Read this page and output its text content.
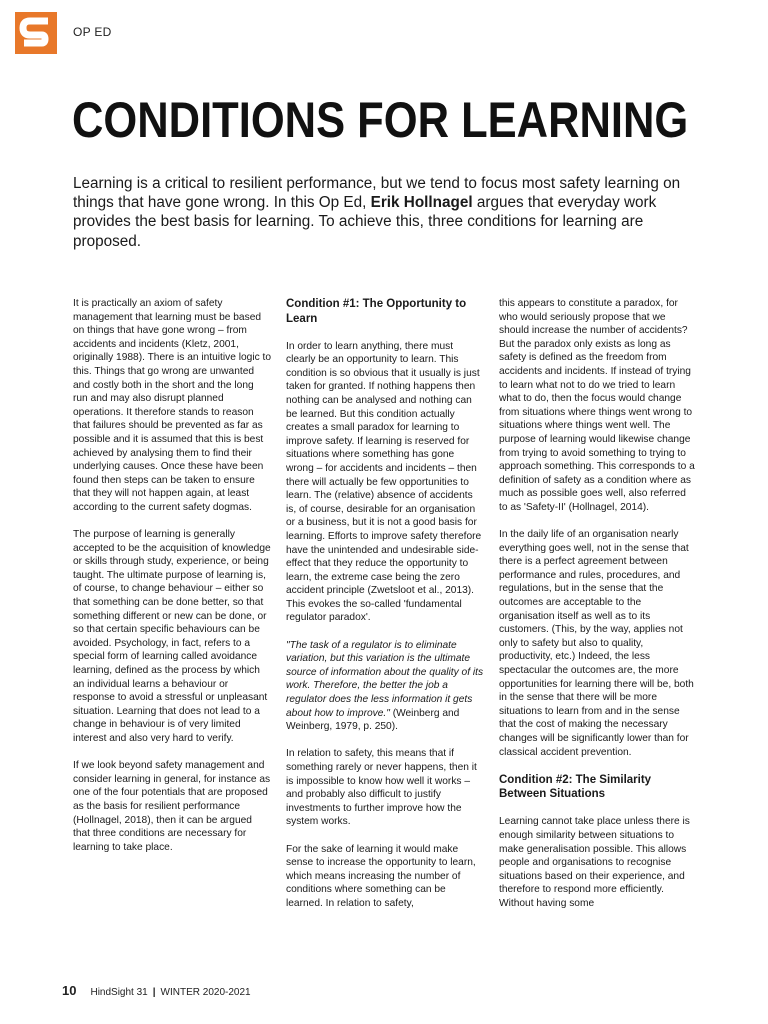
OP ED
CONDITIONS FOR LEARNING

Learning is a critical to resilient performance, but we tend to focus most safety learning on things that have gone wrong. In this Op Ed, Erik Hollnagel argues that everyday work provides the best basis for learning. To achieve this, three conditions for learning are proposed.

It is practically an axiom of safety management that learning must be based on things that have gone wrong – from accidents and incidents (Kletz, 2001, originally 1988). There is an intuitive logic to this. Things that go wrong are unwanted and costly both in the short and the long run and may also disrupt planned operations. It therefore stands to reason that failures should be prevented as far as possible and it is assumed that this is best achieved by analysing them to find their underlying causes. Once these have been found then steps can be taken to ensure that they will not happen again, at least according to the current safety dogmas.

The purpose of learning is generally accepted to be the acquisition of knowledge or skills through study, experience, or being taught. The ultimate purpose of learning is, of course, to change behaviour – either so that something can be done better, so that something different or new can be done, or so that certain specific behaviours can be avoided. Psychology, in fact, refers to a special form of learning called avoidance learning, defined as the process by which an individual learns a behaviour or response to avoid a stressful or unpleasant situation. Learning that does not lead to a change in behaviour is of very limited interest and also very hard to verify.

If we look beyond safety management and consider learning in general, for instance as one of the four potentials that are proposed as the basis for resilient performance (Hollnagel, 2018), then it can be argued that three conditions are necessary for learning to take place.

Condition #1: The Opportunity to Learn

In order to learn anything, there must clearly be an opportunity to learn. This condition is so obvious that it usually is just taken for granted. If nothing happens then nothing can be analysed and nothing can be learned. But this condition actually creates a small paradox for learning to improve safety. If learning is reserved for situations where something has gone wrong – for accidents and incidents – then there will actually be few opportunities to learn. The (relative) absence of accidents is, of course, desirable for an organisation or a business, but it is not a good basis for learning. Efforts to improve safety therefore have the unintended and undesirable side-effect that they reduce the opportunity to learn, the extreme case being the zero accident principle (Zwetsloot et al., 2013). This evokes the so-called 'fundamental regulator paradox'.

"The task of a regulator is to eliminate variation, but this variation is the ultimate source of information about the quality of its work. Therefore, the better the job a regulator does the less information it gets about how to improve." (Weinberg and Weinberg, 1979, p. 250).

In relation to safety, this means that if something rarely or never happens, then it is impossible to know how well it works – and probably also difficult to justify investments to further improve how the system works.

For the sake of learning it would make sense to increase the opportunity to learn, which means increasing the number of conditions where something can be learned. In relation to safety,

this appears to constitute a paradox, for who would seriously propose that we should increase the number of accidents? But the paradox only exists as long as safety is defined as the freedom from accidents and incidents. If instead of trying to learn what not to do we tried to learn what to do, then the focus would change from situations where things went wrong to situations where things went well. The purpose of learning would likewise change from trying to avoid something to trying to approach something. This corresponds to a definition of safety as a condition where as much as possible goes well, also referred to as 'Safety-II' (Hollnagel, 2014).

In the daily life of an organisation nearly everything goes well, not in the sense that there is a perfect agreement between performance and rules, procedures, and regulations, but in the sense that the outcomes are acceptable to the organisation itself as well as to its customers. (This, by the way, applies not only to safety but also to quality, productivity, etc.) Indeed, the less spectacular the outcomes are, the more opportunities for learning there will be, both in the sense that there will be more situations to learn from and in the sense that the cost of making the necessary changes will be significantly lower than for classical accident prevention.

Condition #2: The Similarity Between Situations

Learning cannot take place unless there is enough similarity between situations to make generalisation possible. This allows people and organisations to recognise situations based on their experience, and therefore to respond more efficiently. Without having some

10 HindSight 31 | WINTER 2020-2021
